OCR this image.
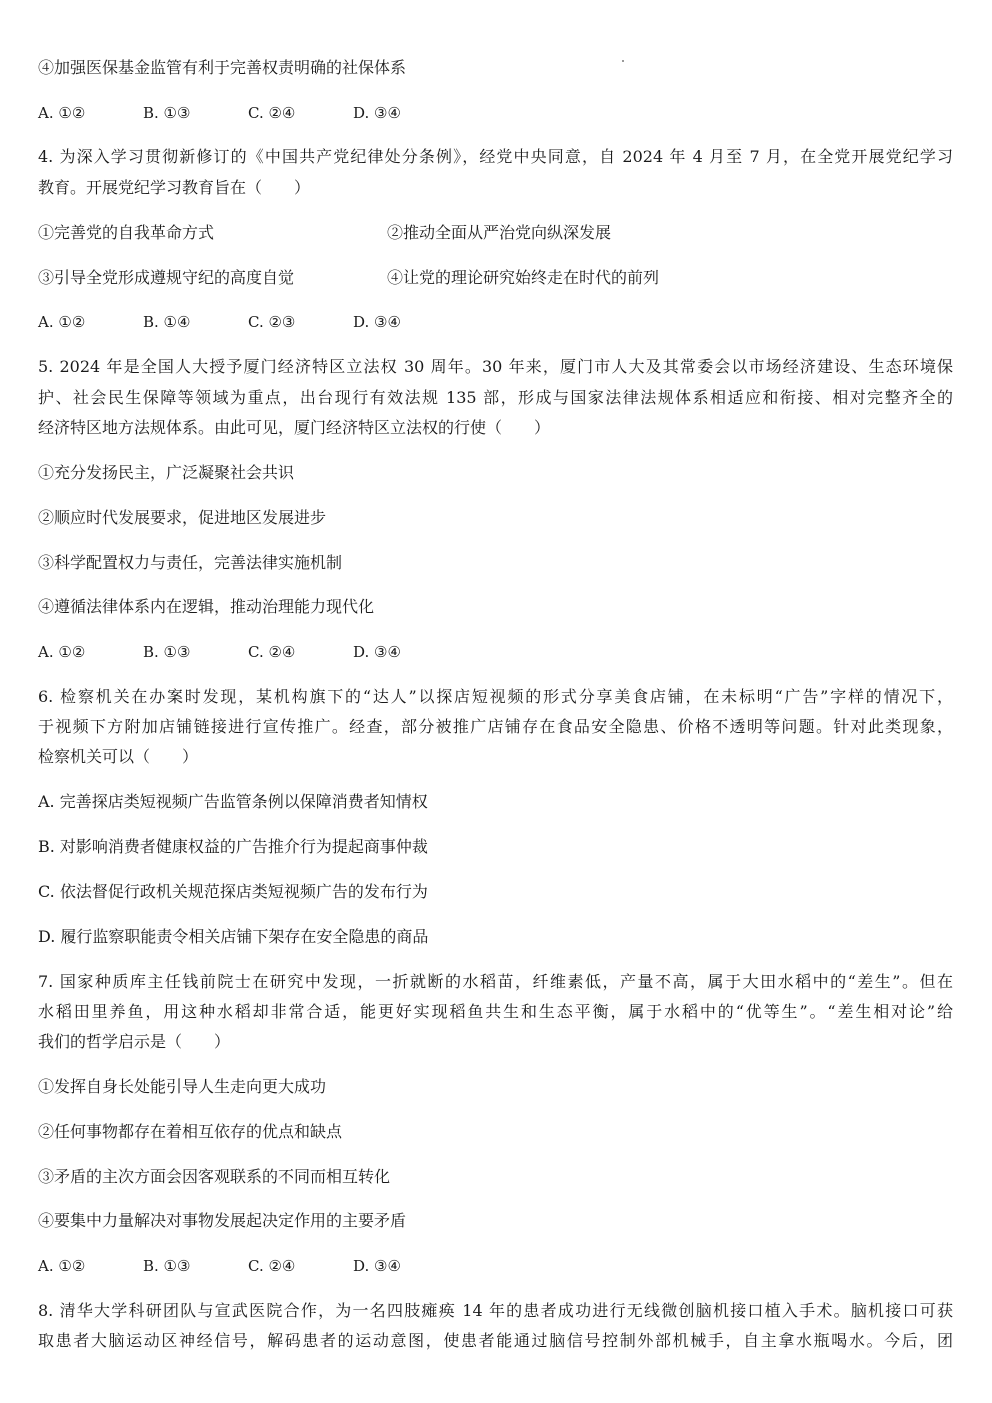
④加强医保基金监管有利于完善权责明确的社保体系
A. ①②	B. ①③	C. ②④	D. ③④
4. 为深入学习贯彻新修订的《中国共产党纪律处分条例》，经党中央同意，自 2024 年 4 月至 7 月，在全党开展党纪学习
教育。开展党纪学习教育旨在（　　）
①完善党的自我革命方式	②推动全面从严治党向纵深发展
③引导全党形成遵规守纪的高度自觉	④让党的理论研究始终走在时代的前列
A. ①②	B. ①④	C. ②③	D. ③④
5. 2024 年是全国人大授予厦门经济特区立法权 30 周年。30 年来，厦门市人大及其常委会以市场经济建设、生态环境保
护、社会民生保障等领域为重点，出台现行有效法规 135 部，形成与国家法律法规体系相适应和衔接、相对完整齐全的
经济特区地方法规体系。由此可见，厦门经济特区立法权的行使（　　）
①充分发扬民主，广泛凝聚社会共识
②顺应时代发展要求，促进地区发展进步
③科学配置权力与责任，完善法律实施机制
④遵循法律体系内在逻辑，推动治理能力现代化
A. ①②	B. ①③	C. ②④	D. ③④
6. 检察机关在办案时发现，某机构旗下的“达人”以探店短视频的形式分享美食店铺，在未标明“广告”字样的情况下，
于视频下方附加店铺链接进行宣传推广。经查，部分被推广店铺存在食品安全隐患、价格不透明等问题。针对此类现象，
检察机关可以（　　）
A. 完善探店类短视频广告监管条例以保障消费者知情权
B. 对影响消费者健康权益的广告推介行为提起商事仲裁
C. 依法督促行政机关规范探店类短视频广告的发布行为
D. 履行监察职能责令相关店铺下架存在安全隐患的商品
7. 国家种质库主任钱前院士在研究中发现，一折就断的水稻苗，纤维素低，产量不高，属于大田水稻中的“差生”。但在
水稻田里养鱼，用这种水稻却非常合适，能更好实现稻鱼共生和生态平衡，属于水稻中的“优等生”。“差生相对论”给
我们的哲学启示是（　　）
①发挥自身长处能引导人生走向更大成功
②任何事物都存在着相互依存的优点和缺点
③矛盾的主次方面会因客观联系的不同而相互转化
④要集中力量解决对事物发展起决定作用的主要矛盾
A. ①②	B. ①③	C. ②④	D. ③④
8. 清华大学科研团队与宣武医院合作，为一名四肢瘫痪 14 年的患者成功进行无线微创脑机接口植入手术。脑机接口可获
取患者大脑运动区神经信号，解码患者的运动意图，使患者能通过脑信号控制外部机械手，自主拿水瓶喝水。今后，团
